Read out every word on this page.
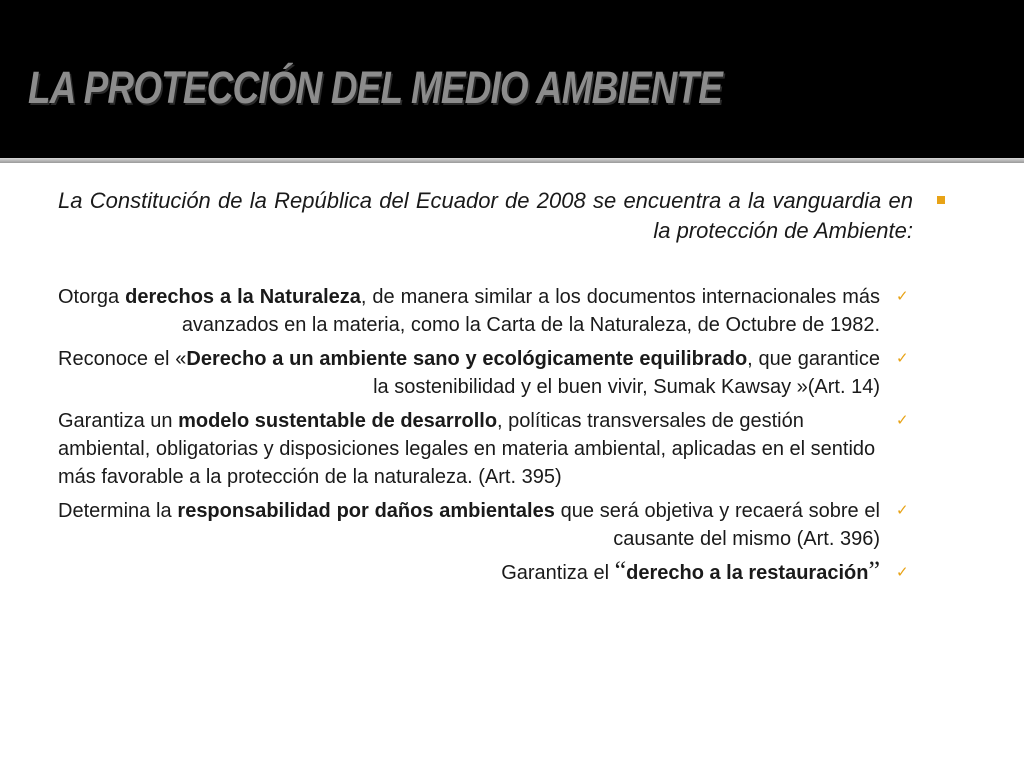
LA PROTECCIÓN DEL MEDIO AMBIENTE

La Constitución de la República del Ecuador de 2008 se encuentra a la vanguardia en la protección de Ambiente:

Otorga derechos a la Naturaleza, de manera similar a los documentos internacionales más avanzados en la materia, como la Carta de la Naturaleza, de Octubre de 1982.

✓

Reconoce el «Derecho a un ambiente sano y ecológicamente equilibrado, que garantice la sostenibilidad y el buen vivir, Sumak Kawsay »(Art. 14)

✓

Garantiza un modelo sustentable de desarrollo, políticas transversales de gestión ambiental, obligatorias y disposiciones legales en materia ambiental, aplicadas en el sentido más favorable a la protección de la naturaleza. (Art. 395)

✓

Determina la responsabilidad por daños ambientales que será objetiva y recaerá sobre el causante del mismo (Art. 396)

✓

Garantiza el “derecho a la restauración” ✓
